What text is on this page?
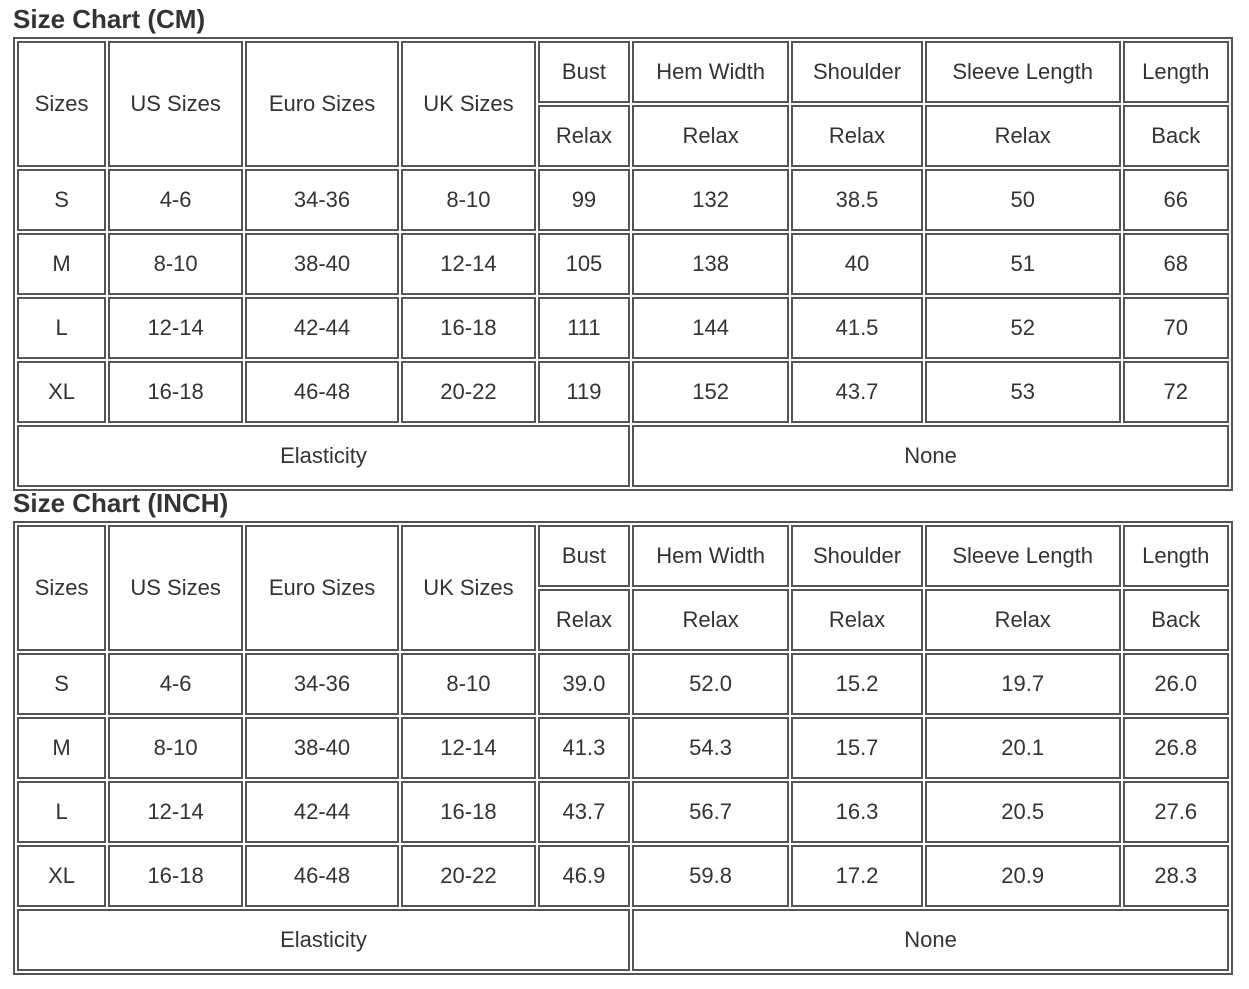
Size Chart (CM)
Sizes	US Sizes	Euro Sizes	UK Sizes	Bust	Hem Width	Shoulder	Sleeve Length	Length
				Relax	Relax	Relax	Relax	Back
S	4-6	34-36	8-10	99	132	38.5	50	66
M	8-10	38-40	12-14	105	138	40	51	68
L	12-14	42-44	16-18	111	144	41.5	52	70
XL	16-18	46-48	20-22	119	152	43.7	53	72
Elasticity					None			
Size Chart (INCH)
Sizes	US Sizes	Euro Sizes	UK Sizes	Bust	Hem Width	Shoulder	Sleeve Length	Length
				Relax	Relax	Relax	Relax	Back
S	4-6	34-36	8-10	39.0	52.0	15.2	19.7	26.0
M	8-10	38-40	12-14	41.3	54.3	15.7	20.1	26.8
L	12-14	42-44	16-18	43.7	56.7	16.3	20.5	27.6
XL	16-18	46-48	20-22	46.9	59.8	17.2	20.9	28.3
Elasticity					None			
